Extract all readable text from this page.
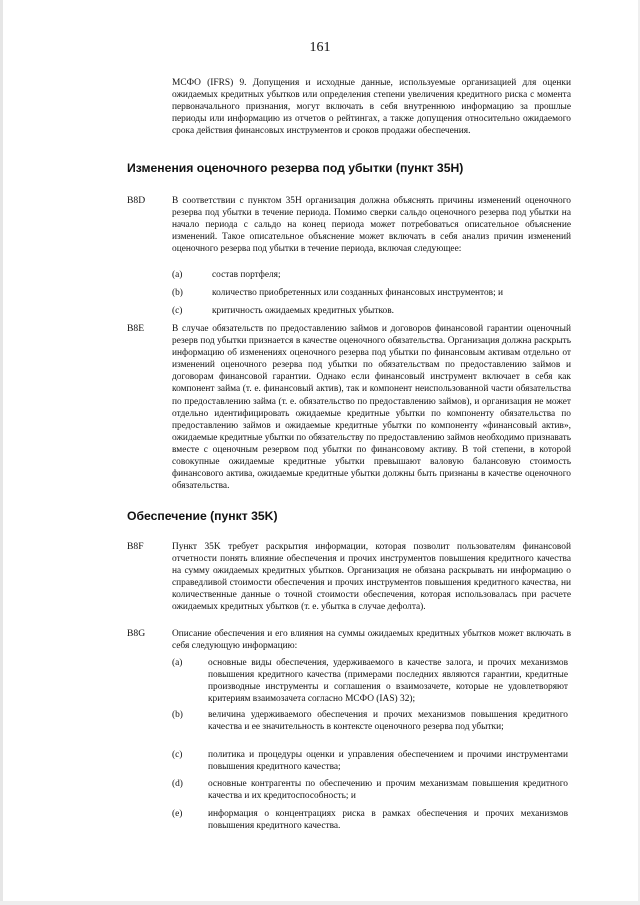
161

МСФО (IFRS) 9. Допущения и исходные данные, используемые организацией для оценки ожидаемых кредитных убытков или определения степени увеличения кредитного риска с момента первоначального признания, могут включать в себя внутреннюю информацию за прошлые периоды или информацию из отчетов о рейтингах, а также допущения относительно ожидаемого срока действия финансовых инструментов и сроков продажи обеспечения.

Изменения оценочного резерва под убытки (пункт 35H)
B8D	В соответствии с пунктом 35H организация должна объяснять причины изменений оценочного резерва под убытки в течение периода. Помимо сверки сальдо оценочного резерва под убытки на начало периода с сальдо на конец периода может потребоваться описательное объяснение изменений. Такое описательное объяснение может включать в себя анализ причин изменений оценочного резерва под убытки в течение периода, включая следующее:

(a)	состав портфеля;

(b)	количество приобретенных или созданных финансовых инструментов; и

(c)	критичность ожидаемых кредитных убытков.

B8E	В случае обязательств по предоставлению займов и договоров финансовой гарантии оценочный резерв под убытки признается в качестве оценочного обязательства. Организация должна раскрыть информацию об изменениях оценочного резерва под убытки по финансовым активам отдельно от изменений оценочного резерва под убытки по обязательствам по предоставлению займов и договорам финансовой гарантии. Однако если финансовый инструмент включает в себя как компонент займа (т. е. финансовый актив), так и компонент неиспользованной части обязательства по предоставлению займа (т. е. обязательство по предоставлению займов), и организация не может отдельно идентифицировать ожидаемые кредитные убытки по компоненту обязательства по предоставлению займов и ожидаемые кредитные убытки по компоненту «финансовый актив», ожидаемые кредитные убытки по обязательству по предоставлению займов необходимо признавать вместе с оценочным резервом под убытки по финансовому активу. В той степени, в которой совокупные ожидаемые кредитные убытки превышают валовую балансовую стоимость финансового актива, ожидаемые кредитные убытки должны быть признаны в качестве оценочного обязательства.

Обеспечение (пункт 35K)
B8F	Пункт 35K требует раскрытия информации, которая позволит пользователям финансовой отчетности понять влияние обеспечения и прочих инструментов повышения кредитного качества на сумму ожидаемых кредитных убытков. Организация не обязана раскрывать ни информацию о справедливой стоимости обеспечения и прочих инструментов повышения кредитного качества, ни количественные данные о точной стоимости обеспечения, которая использовалась при расчете ожидаемых кредитных убытков (т. е. убытка в случае дефолта).

B8G	Описание обеспечения и его влияния на суммы ожидаемых кредитных убытков может включать в себя следующую информацию:

(a)	основные виды обеспечения, удерживаемого в качестве залога, и прочих механизмов повышения кредитного качества (примерами последних являются гарантии, кредитные производные инструменты и соглашения о взаимозачете, которые не удовлетворяют критериям взаимозачета согласно МСФО (IAS) 32);

(b)	величина удерживаемого обеспечения и прочих механизмов повышения кредитного качества и ее значительность в контексте оценочного резерва под убытки;

(c)	политика и процедуры оценки и управления обеспечением и прочими инструментами повышения кредитного качества;

(d)	основные контрагенты по обеспечению и прочим механизмам повышения кредитного качества и их кредитоспособность; и

(e)	информация о концентрациях риска в рамках обеспечения и прочих механизмов повышения кредитного качества.
